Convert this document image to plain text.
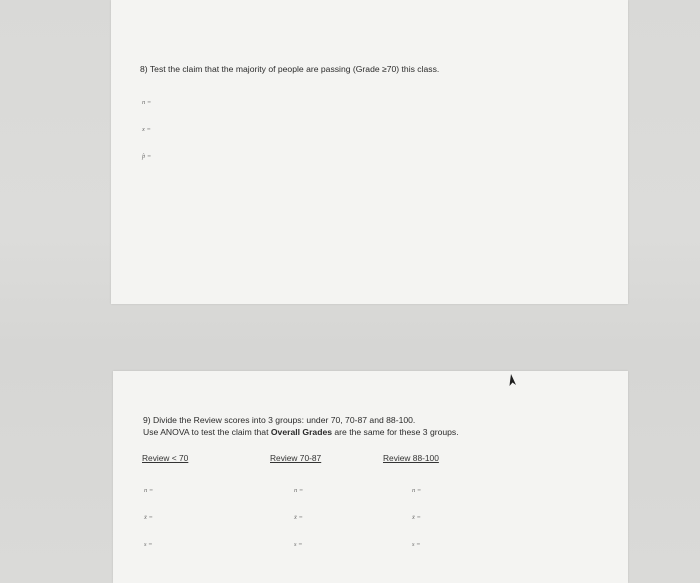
8) Test the claim that the majority of people are passing (Grade ≥70) this class.
n =
x =
p̂ =
9) Divide the Review scores into 3 groups: under 70, 70-87 and 88-100.
Use ANOVA to test the claim that Overall Grades are the same for these 3 groups.
Review < 70	Review 70-87	Review 88-100
n =
x̄ =
s =
n =
x̄ =
s =
n =
x̄ =
s =
